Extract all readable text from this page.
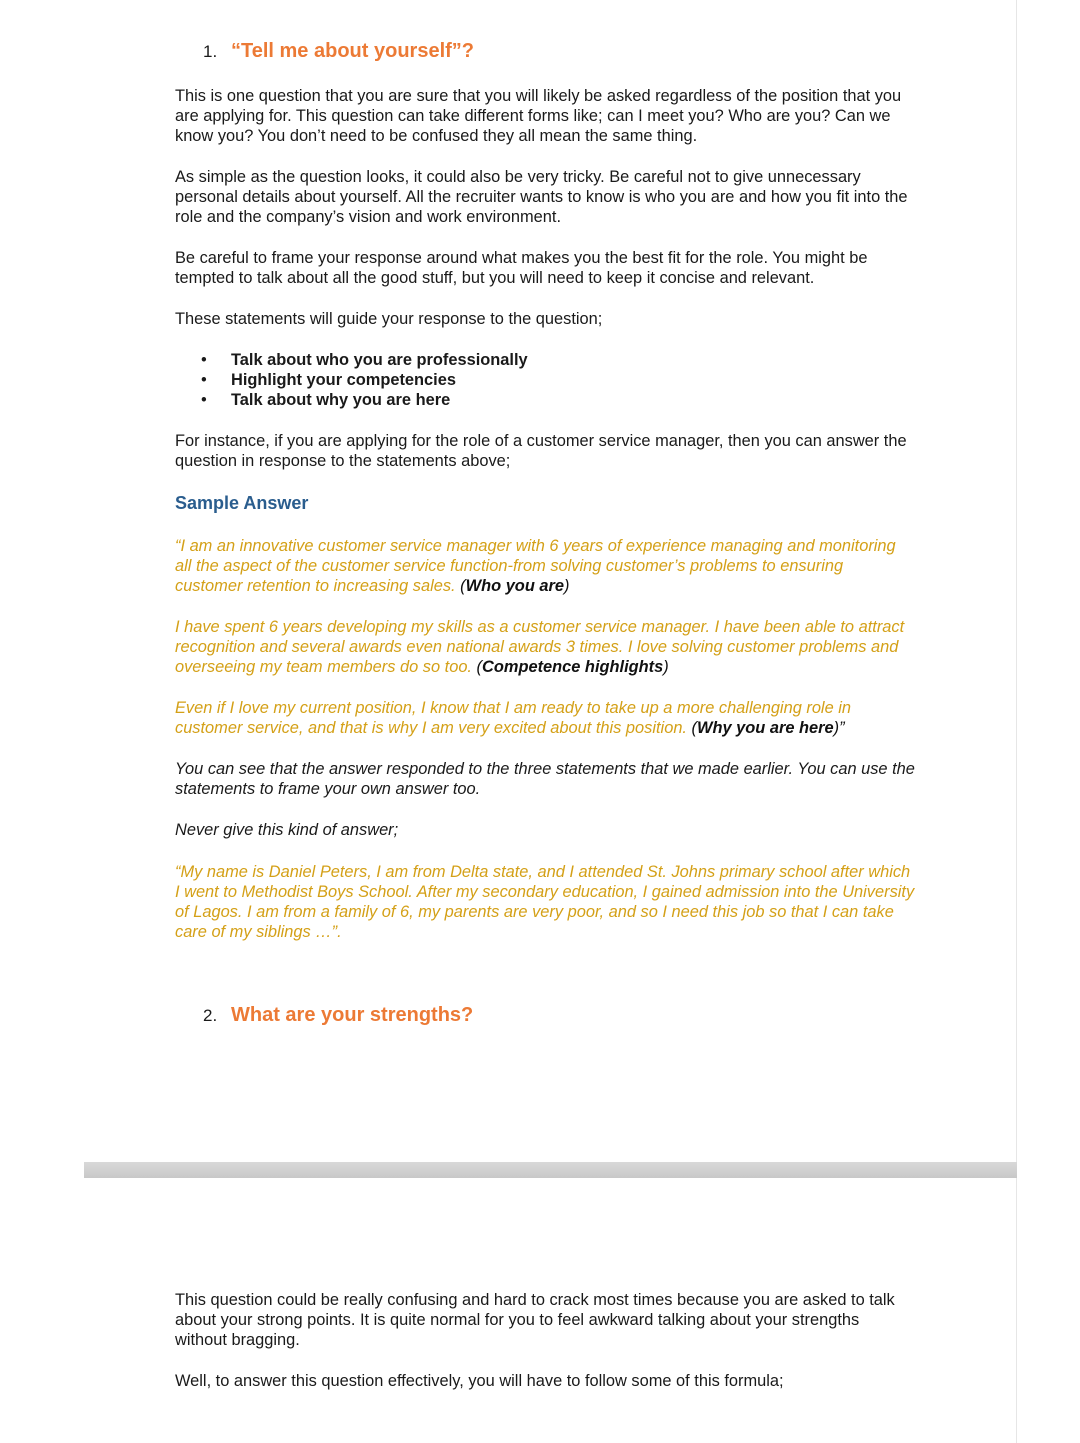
1. “Tell me about yourself”?

This is one question that you are sure that you will likely be asked regardless of the position that you are applying for. This question can take different forms like; can I meet you? Who are you? Can we know you? You don’t need to be confused they all mean the same thing.

As simple as the question looks, it could also be very tricky. Be careful not to give unnecessary personal details about yourself. All the recruiter wants to know is who you are and how you fit into the role and the company’s vision and work environment.

Be careful to frame your response around what makes you the best fit for the role. You might be tempted to talk about all the good stuff, but you will need to keep it concise and relevant.

These statements will guide your response to the question;

• Talk about who you are professionally
• Highlight your competencies
• Talk about why you are here

For instance, if you are applying for the role of a customer service manager, then you can answer the question in response to the statements above;

Sample Answer

“I am an innovative customer service manager with 6 years of experience managing and monitoring all the aspect of the customer service function-from solving customer’s problems to ensuring customer retention to increasing sales. (Who you are)

I have spent 6 years developing my skills as a customer service manager. I have been able to attract recognition and several awards even national awards 3 times. I love solving customer problems and overseeing my team members do so too. (Competence highlights)

Even if I love my current position, I know that I am ready to take up a more challenging role in customer service, and that is why I am very excited about this position. (Why you are here)”

You can see that the answer responded to the three statements that we made earlier. You can use the statements to frame your own answer too.

Never give this kind of answer;

“My name is Daniel Peters, I am from Delta state, and I attended St. Johns primary school after which I went to Methodist Boys School. After my secondary education, I gained admission into the University of Lagos. I am from a family of 6, my parents are very poor, and so I need this job so that I can take care of my siblings …”.

2. What are your strengths?

This question could be really confusing and hard to crack most times because you are asked to talk about your strong points. It is quite normal for you to feel awkward talking about your strengths without bragging.

Well, to answer this question effectively, you will have to follow some of this formula;
